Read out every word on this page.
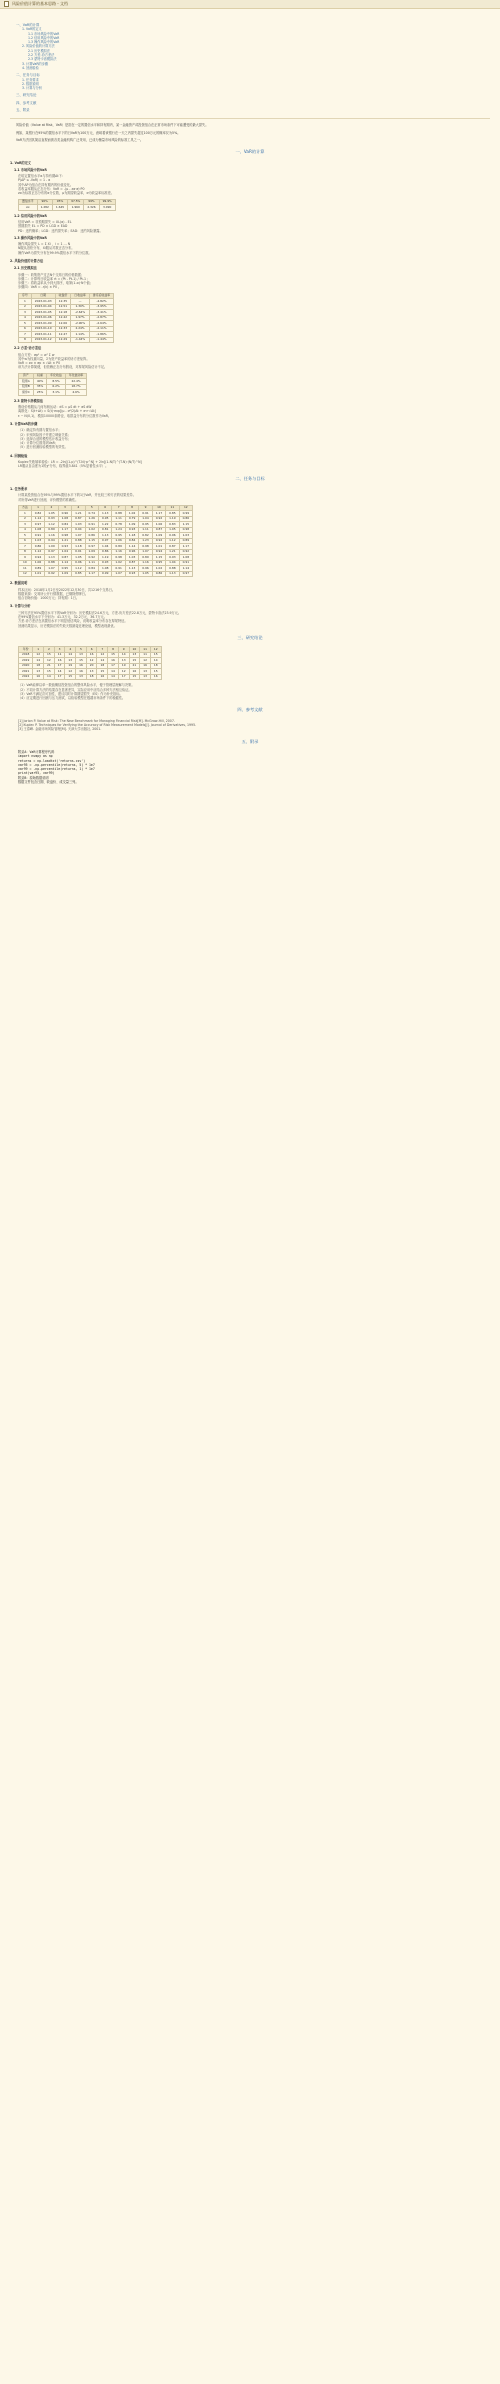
风险价值计算的基本思路 - 文档
一、VaR的计算
1. VaR的定义
1.1 市场风险中的VaR
1.2 信用风险中的VaR
1.3 操作风险中的VaR
2. 风险价值的计算方法
2.1 历史模拟法
2.2 方差-协方差法
2.3 蒙特卡洛模拟法
3. 计算VaR的步骤
4. 回测检验
二、任务与目标
1. 任务要求
2. 数据说明
3. 计算与分析
三、研究结论
四、参考文献
五、附录
风险价值（Value at Risk，VaR）是指在一定的置信水平和持有期内，某一金融资产或投资组合在正常市场条件下可能遭受的最大损失。
例如，某银行在95%的置信水平下的日VaR为100万元，意味着该银行在一天之内损失超过100万元的概率仅为5%。
VaR方法因其简洁直观而被各类金融机构广泛采用，已成为衡量市场风险的标准工具之一。
一、VaR的计算
1. VaR的定义
1.1 市场风险中的VaR
在给定置信水平α与持有期Δt下：
P(ΔP ≤ -VaR) = 1 - α
其中ΔP为组合在持有期内的价值变化。
若收益率服从正态分布：VaR = -(μ - zα·σ)·P0
zα为标准正态分布的α分位数，μ为期望收益率，σ为收益率标准差。
置信水平	90%	95%	97.5%	99%	99.9%
zα	1.282	1.645	1.960	2.326	3.090
1.2 信用风险中的VaR
信用VaR = 非预期损失 = UL(α) - EL
预期损失 EL = PD × LGD × EAD
PD：违约概率；LGD：违约损失率；EAD：违约风险暴露。
1.3 操作风险中的VaR
操作风险损失 L = Σ Xi ，i = 1 … N
N服从泊松分布，Xi服从对数正态分布。
操作VaR为损失分布在99.9%置信水平下的分位数。
2. 风险价值的计算方法
2.1 历史模拟法
步骤一：收集资产过去N个交易日的价格数据；
步骤二：计算每日收益率 rt = (Pt - Pt-1) / Pt-1 ；
步骤三：将收益率从小到大排序，取第(1-α)·N个值；
步骤四：VaR = -r(k) × P0 。
序号	日期	收盘价	日收益率	排序后收益率
1	2023-01-03	12.35	—	-4.82%
2	2023-01-04	12.51	1.30%	-3.95%
3	2023-01-05	12.18	-2.64%	-3.41%
4	2023-01-06	12.42	1.97%	-2.87%
5	2023-01-09	12.06	-2.90%	-2.64%
6	2023-01-10	12.33	2.24%	-2.11%
7	2023-01-11	12.47	1.14%	-1.86%
8	2023-01-12	12.29	-1.44%	-1.44%
2.2 方差-协方差法
组合方差：σp² = wᵀ Σ w
其中w为权重向量，Σ为资产收益率的协方差矩阵。
VaR = zα × σp × √Δt × P0
该方法计算简便，但依赖正态分布假设，对厚尾风险估计不足。
资产	权重	年化收益	年化波动率
股票A	40%	8.5%	22.4%
股票B	35%	6.2%	18.7%
债券C	25%	3.1%	4.6%
2.3 蒙特卡洛模拟法
假设价格服从几何布朗运动：dS = μS dt + σS dW
离散化：S(t+Δt) = S(t)·exp[(μ - σ²/2)Δt + σ·ε·√Δt]
ε ~ N(0,1)，模拟10000条路径，取损益分布的分位数作为VaR。
3. 计算VaR的步骤
（1）确定持有期与置信水平；
（2）识别风险因子并建立映射关系；
（3）选择合适的模型估计收益分布；
（4）计算分位数得到VaR；
（5）进行回测检验模型的有效性。
4. 回测检验
Kupiec失败频率检验：LR = -2ln[(1-p)^(T-N)·p^N] + 2ln[(1-N/T)^(T-N)·(N/T)^N]
LR服从自由度为1的χ²分布，临界值3.841（5%显著性水平）。
二、任务与目标
1. 任务要求
计算某投资组合在95%与99%置信水平下的1日VaR，并比较三种方法的结果差异。
对所得VaR进行回测，评价模型的准确性。
方法	1	2	3	4	5	6	7	8	9	10	11	12
1	0.82	1.05	0.96	1.21	0.74	1.13	0.88	1.02	0.91	1.17	0.85	0.99
2	1.14	0.93	1.08	0.87	1.26	0.95	1.11	0.79	1.04	0.92	1.19	0.86
3	0.97	1.12	0.84	1.03	0.91	1.22	0.78	1.09	0.95	1.06	0.83	1.15
4	1.08	0.89	1.17	0.94	1.02	0.81	1.24	0.93	1.11	0.87	1.05	0.98
5	0.91	1.16	0.98	1.07	0.86	1.13	0.95	1.18	0.82	1.09	0.96	1.03
6	1.03	0.94	1.21	0.88	1.15	0.97	1.06	0.84	1.23	0.92	1.12	0.89
7	0.86	1.09	0.93	1.18	0.97	1.04	0.89	1.14	0.98	1.01	0.87	1.17
8	1.12	0.97	1.04	0.91	1.09	0.86	1.16	0.96	1.07	0.94	1.21	0.92
9	0.94	1.13	0.87	1.05	0.92	1.19	0.98	1.03	0.89	1.15	0.93	1.08
10	1.06	0.88	1.14	0.96	1.11	0.93	1.02	0.87	1.16	0.95	1.04	0.91
11	0.89	1.07	0.95	1.12	0.84	1.08	0.91	1.13	0.96	1.02	0.88	1.14
12	1.01	0.92	1.09	0.85	1.17	0.99	1.07	0.93	1.05	0.86	1.13	0.97
2. 数据说明
样本区间：2018年1月2日至2022年12月30日，共1216个交易日。
数据来源：交易所公开行情数据，已剔除停牌日。
组合初始价值：1000万元；持有期：1日。
3. 计算与分析
三种方法在95%置信水平下的VaR分别为：历史模拟法24.6万元，方差-协方差法22.8万元，蒙特卡洛法23.9万元。
在99%置信水平下分别为：41.3万元，32.2万元，36.7万元。
方差-协方差法在高置信水平下明显低估风险，说明收益率分布存在厚尾特征。
回测结果显示，历史模拟法的失败天数最接近理论值，模型表现最优。
三、研究结论
年份	1	2	3	4	5	6	7	8	9	10	11	12
2018	12	15	11	14	13	16	12	15	14	13	11	15
2019	14	12	16	13	15	12	14	16	13	15	12	14
2020	18	21	17	19	16	20	18	17	19	21	16	18
2021	13	15	14	12	16	13	15	14	12	16	13	15
2022	16	14	17	15	13	18	16	14	17	15	13	16
（1）VaR能够以单一数值概括投资组合的整体风险水平，便于管理层理解与决策。
（2）不同计算方法的结果存在显著差异，实际应用中应结合多种方法相互验证。
（3）VaR不满足次可加性，建议同时计算期望损失（ES）作为补充指标。
（4）应定期进行回测与压力测试，以检验模型在极端市场条件下的稳健性。
四、参考文献
[1] Jorion P. Value at Risk: The New Benchmark for Managing Financial Risk[M]. McGraw-Hill, 2007.
[2] Kupiec P. Techniques for Verifying the Accuracy of Risk Measurement Models[J]. Journal of Derivatives, 1995.
[3] 王春峰. 金融市场风险管理[M]. 天津大学出版社, 2001.
五、附录
附录A：VaR计算程序代码
import numpy as np
returns = np.loadtxt('returns.csv')
var95 = -np.percentile(returns, 5) * 1e7
var99 = -np.percentile(returns, 1) * 1e7
print(var95, var99)
附录B：原始数据说明
数据文件包含日期、收盘价、成交量三列。
